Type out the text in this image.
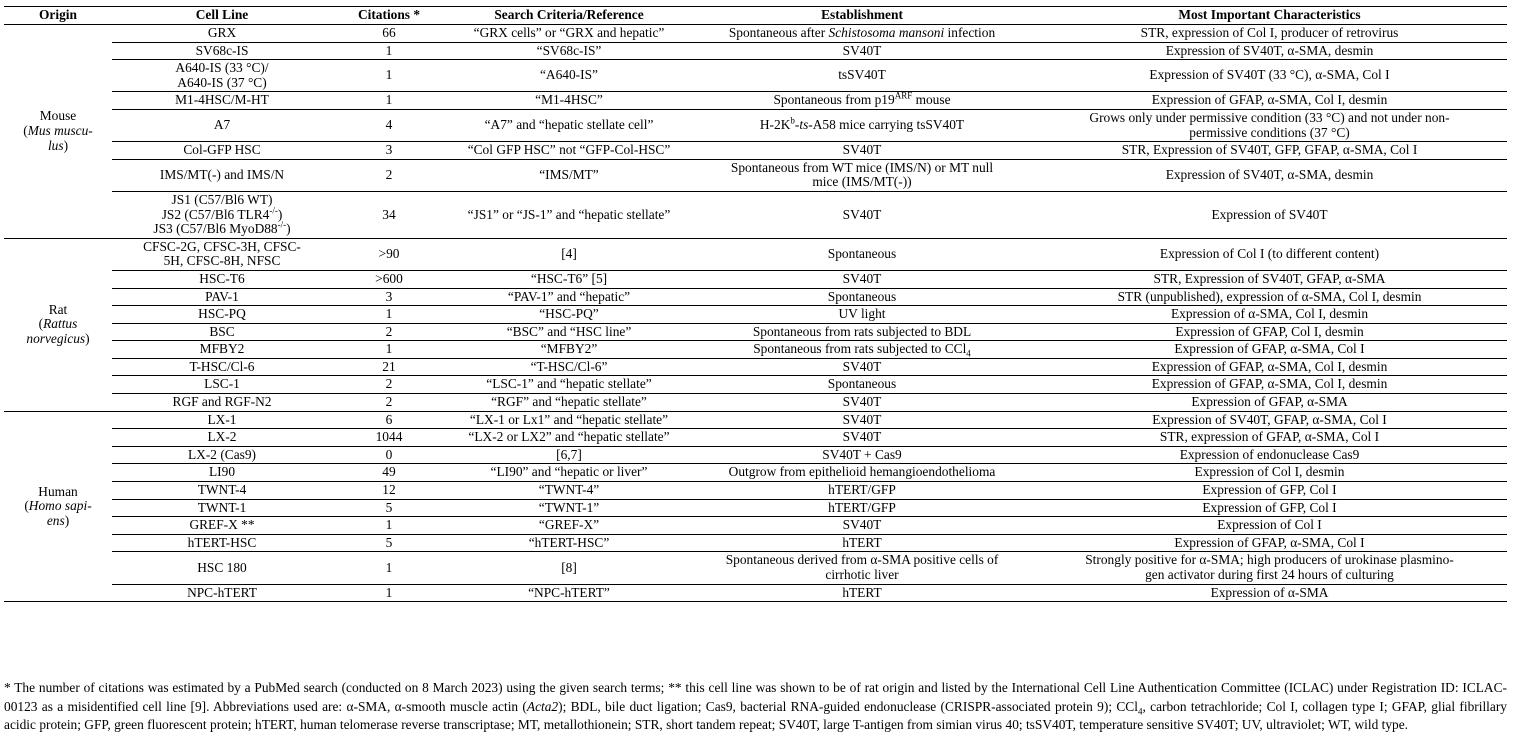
Origin	Cell Line	Citations *	Search Criteria/Reference	Establishment	Most Important Characteristics

Mouse
(Mus muscu-
lus)	GRX	66	“GRX cells” or “GRX and hepatic”	Spontaneous after Schistosoma mansoni infection	STR, expression of Col I, producer of retrovirus
	SV68c-IS	1	“SV68c-IS”	SV40T	Expression of SV40T, α-SMA, desmin

	A640-IS (33 °C)/
A640-IS (37 °C)	1	“A640-IS”	tsSV40T	Expression of SV40T (33 °C), α-SMA, Col I
	M1-4HSC/M-HT	1	“M1-4HSC”	Spontaneous from $p19^{ARF}$ mouse	Expression of GFAP, α-SMA, Col I, desmin
	A7	4	“A7” and “hepatic stellate cell”	$H-2K^b-ts-A58$ mice carrying tsSV40T	Grows only under permissive condition (33 °C) and not under non-
permissive conditions (37 °C)

	Col-GFP HSC	3	“Col GFP HSC” not “GFP-Col-HSC”	SV40T	STR, Expression of SV40T, GFP, GFAP, α-SMA, Col I
	IMS/MT(-) and IMS/N	2	“IMS/MT”	Spontaneous from WT mice (IMS/N) or MT null
mice (IMS/MT(-))	Expression of SV40T, α-SMA, desmin

	JS1 (C57/Bl6 WT)
JS2 (C57/Bl6 TLR4-/-)
JS3 (C57/Bl6 MyoD88-/-)	34	“JS1” or “JS-1” and “hepatic stellate”	SV40T	Expression of SV40T

Rat
(Rattus
norvegicus)	CFSC-2G, CFSC-3H, CFSC-
5H, CFSC-8H, NFSC	>90	[4]	Spontaneous	Expression of Col I (to different content)
	HSC-T6	>600	“HSC-T6” [5]	SV40T	STR, Expression of SV40T, GFAP, α-SMA
	PAV-1	3	“PAV-1” and “hepatic”	Spontaneous	STR (unpublished), expression of α-SMA, Col I, desmin
	HSC-PQ	1	“HSC-PQ”	UV light	Expression of α-SMA, Col I, desmin
	BSC	2	“BSC” and “HSC line”	Spontaneous from rats subjected to BDL	Expression of GFAP, Col I, desmin
	MFBY2	1	“MFBY2”	Spontaneous from rats subjected to CCl$_4$	Expression of GFAP, α-SMA, Col I
	T-HSC/Cl-6	21	“T-HSC/Cl-6”	SV40T	Expression of GFAP, α-SMA, Col I, desmin
	LSC-1	2	“LSC-1” and “hepatic stellate”	Spontaneous	Expression of GFAP, α-SMA, Col I, desmin
	RGF and RGF-N2	2	“RGF” and “hepatic stellate”	SV40T	Expression of GFAP, α-SMA

Human
(Homo sapi-
ens)	LX-1	6	“LX-1 or Lx1” and “hepatic stellate”	SV40T	Expression of SV40T, GFAP, α-SMA, Col I
	LX-2	1044	“LX-2 or LX2” and “hepatic stellate”	SV40T	STR, expression of GFAP, α-SMA, Col I
	LX-2 (Cas9)	0	[6,7]	SV40T + Cas9	Expression of endonuclease Cas9
	LI90	49	“LI90” and “hepatic or liver”	Outgrow from epithelioid hemangioendothelioma	Expression of Col I, desmin
	TWNT-4	12	“TWNT-4”	hTERT/GFP	Expression of GFP, Col I
	TWNT-1	5	“TWNT-1”	hTERT/GFP	Expression of GFP, Col I
	GREF-X **	1	“GREF-X”	SV40T	Expression of Col I
	hTERT-HSC	5	“hTERT-HSC”	hTERT	Expression of GFAP, α-SMA, Col I
	HSC 180	1	[8]	Spontaneous derived from α-SMA positive cells of
cirrhotic liver	Strongly positive for α-SMA; high producers of urokinase plasmino-
gen activator during first 24 hours of culturing

	NPC-hTERT	1	“NPC-hTERT”	hTERT	Expression of α-SMA
* The number of citations was estimated by a PubMed search (conducted on 8 March 2023) using the given search terms; ** this cell line was shown to be of rat origin and listed by the International Cell Line Authentication Committee (ICLAC) under Registration ID: ICLAC-00123 as a misidentified cell line [9]. Abbreviations used are: α-SMA, α-smooth muscle actin (Acta2); BDL, bile duct ligation; Cas9, bacterial RNA-guided endonuclease (CRISPR-associated protein 9); CCl$_4$, carbon tetrachloride; Col I, collagen type I; GFAP, glial fibrillary acidic protein; GFP, green fluorescent protein; hTERT, human telomerase reverse transcriptase; MT, metallothionein; STR, short tandem repeat; SV40T, large T-antigen from simian virus 40; tsSV40T, temperature sensitive SV40T; UV, ultraviolet; WT, wild type.
